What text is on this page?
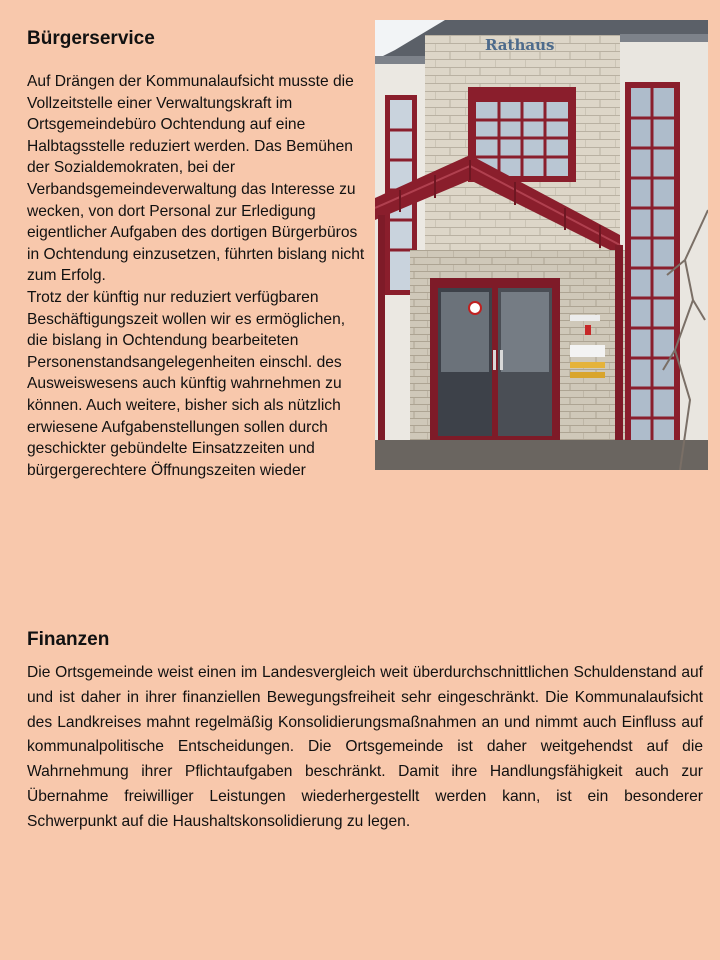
Bürgerservice

Auf Drängen der Kommunalaufsicht musste die Vollzeitstelle einer Verwaltungskraft im Ortsgemeindebüro Ochtendung auf eine Halbtagsstelle reduziert werden. Das Bemühen der Sozialdemokraten, bei der Verbandsgemeindeverwaltung das Interesse zu wecken, von dort Personal zur Erledigung eigentlicher Aufgaben des dortigen Bürgerbüros in Ochtendung einzusetzen, führten bislang nicht zum Erfolg.

Trotz der künftig nur reduziert verfügbaren Beschäftigungszeit wollen wir es ermöglichen, die bislang in Ochtendung bearbeiteten Personenstandsangelegenheiten einschl. des Ausweiswesens auch künftig wahrnehmen zu können. Auch weitere, bisher sich als nützlich erwiesene Aufgabenstellungen sollen durch geschickter gebündelte Einsatzzeiten und bürgergerechtere Öffnungszeiten wieder

Rathaus
Finanzen

Die Ortsgemeinde weist einen im Landesvergleich weit überdurchschnittlichen Schuldenstand auf und ist daher in ihrer finanziellen Bewegungsfreiheit sehr eingeschränkt. Die Kommunalaufsicht des Landkreises mahnt regelmäßig Konsolidierungsmaßnahmen an und nimmt auch Einfluss auf kommunalpolitische Entscheidungen. Die Ortsgemeinde ist daher weitgehendst auf die Wahrnehmung ihrer Pflichtaufgaben beschränkt. Damit ihre Handlungsfähigkeit auch zur Übernahme freiwilliger Leistungen wiederhergestellt werden kann, ist ein besonderer Schwerpunkt auf die Haushaltskonsolidierung zu legen.
